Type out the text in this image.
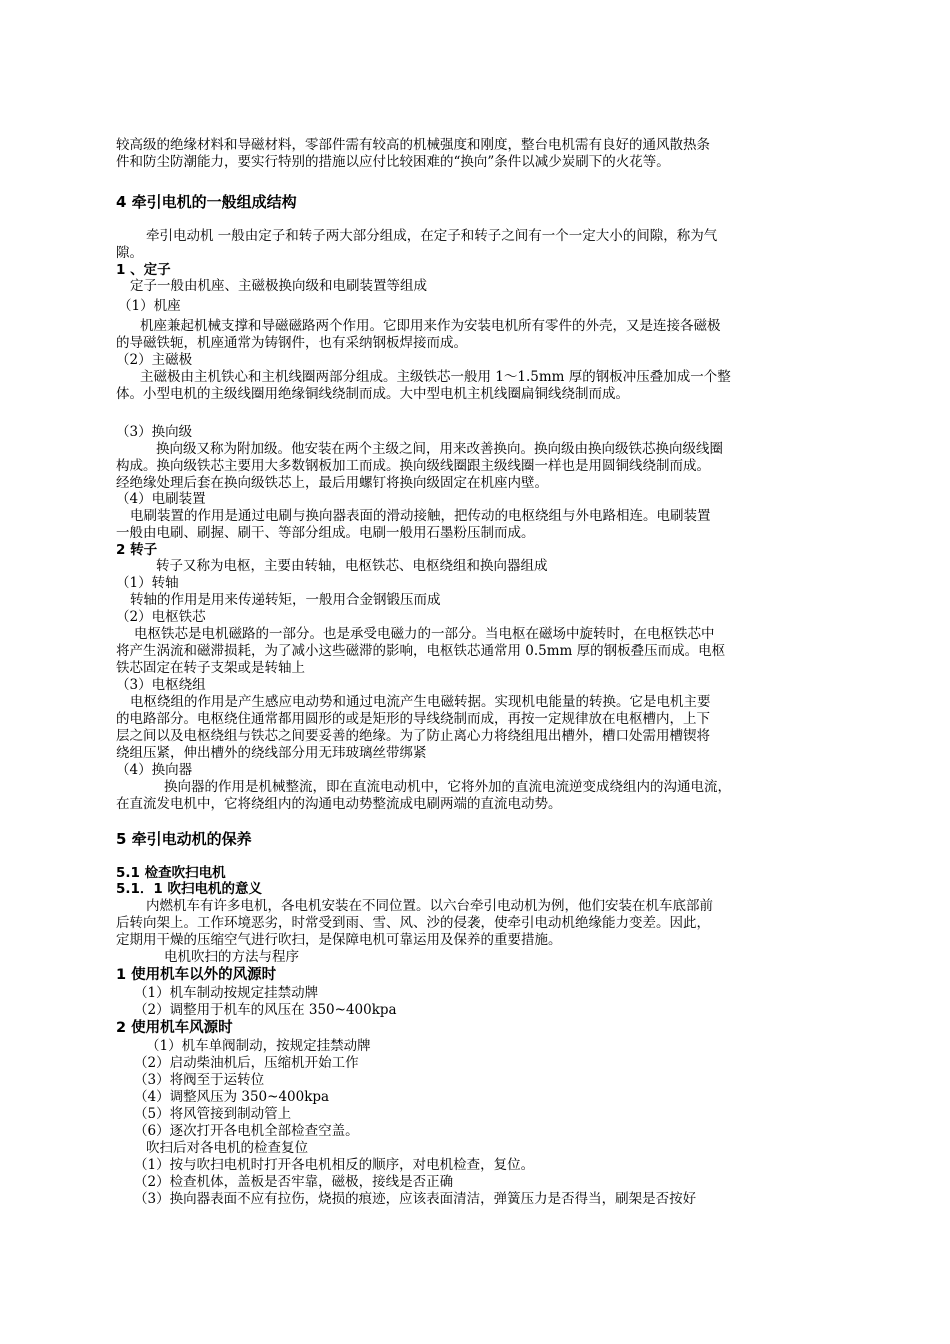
较高级的绝缘材料和导磁材料，零部件需有较高的机械强度和刚度，整台电机需有良好的通风散热条
件和防尘防潮能力，要实行特别的措施以应付比较困难的“换向”条件以减少炭刷下的火花等。
4 牵引电机的一般组成结构
牵引电动机 一般由定子和转子两大部分组成，在定子和转子之间有一个一定大小的间隙，称为气
隙。
1 、定子
定子一般由机座、主磁极换向级和电刷装置等组成
（1）机座
机座兼起机械支撑和导磁磁路两个作用。它即用来作为安装电机所有零件的外壳，又是连接各磁极
的导磁铁轭，机座通常为铸钢件，也有采纳钢板焊接而成。
（2）主磁极
主磁极由主机铁心和主机线圈两部分组成。主级铁芯一般用 1～1.5mm 厚的钢板冲压叠加成一个整
体。小型电机的主级线圈用绝缘铜线绕制而成。大中型电机主机线圈扁铜线绕制而成。
（3）换向级
换向级又称为附加级。他安装在两个主级之间，用来改善换向。换向级由换向级铁芯换向级线圈
构成。换向级铁芯主要用大多数钢板加工而成。换向级线圈跟主级线圈一样也是用圆铜线绕制而成。
经绝缘处理后套在换向级铁芯上，最后用螺钉将换向级固定在机座内壁。
（4）电刷装置
电刷装置的作用是通过电刷与换向器表面的滑动接触，把传动的电枢绕组与外电路相连。电刷装置
一般由电刷、刷握、刷干、等部分组成。电刷一般用石墨粉压制而成。
2 转子
转子又称为电枢，主要由转轴，电枢铁芯、电枢绕组和换向器组成
（1）转轴
转轴的作用是用来传递转矩，一般用合金钢锻压而成
（2）电枢铁芯
电枢铁芯是电机磁路的一部分。也是承受电磁力的一部分。当电枢在磁场中旋转时，在电枢铁芯中
将产生涡流和磁滞损耗，为了减小这些磁滞的影响，电枢铁芯通常用 0.5mm 厚的钢板叠压而成。电枢
铁芯固定在转子支架或是转轴上
（3）电枢绕组
电枢绕组的作用是产生感应电动势和通过电流产生电磁转据。实现机电能量的转换。它是电机主要
的电路部分。电枢绕住通常都用圆形的或是矩形的导线绕制而成，再按一定规律放在电枢槽内，上下
层之间以及电枢绕组与铁芯之间要妥善的绝缘。为了防止离心力将绕组甩出槽外，槽口处需用槽锲将
绕组压紧，伸出槽外的绕线部分用无玮玻璃丝带绑紧
（4）换向器
换向器的作用是机械整流，即在直流电动机中，它将外加的直流电流逆变成绕组内的沟通电流，
在直流发电机中，它将绕组内的沟通电动势整流成电刷两端的直流电动势。
5 牵引电动机的保养
5.1 检查吹扫电机
5.1．1 吹扫电机的意义
内燃机车有许多电机，各电机安装在不同位置。以六台牵引电动机为例，他们安装在机车底部前
后转向架上。工作环境恶劣，时常受到雨、雪、风、沙的侵袭，使牵引电动机绝缘能力变差。因此，
定期用干燥的压缩空气进行吹扫，是保障电机可靠运用及保养的重要措施。
电机吹扫的方法与程序
1 使用机车以外的风源时
（1）机车制动按规定挂禁动牌
（2）调整用于机车的风压在 350~400kpa
2 使用机车风源时
（1）机车单阀制动，按规定挂禁动牌
（2）启动柴油机后，压缩机开始工作
（3）将阀至于运转位
（4）调整风压为 350~400kpa
（5）将风管接到制动管上
（6）逐次打开各电机全部检查空盖。
吹扫后对各电机的检查复位
（1）按与吹扫电机时打开各电机相反的顺序，对电机检查，复位。
（2）检查机体，盖板是否牢靠，磁极，接线是否正确
（3）换向器表面不应有拉伤，烧损的痕迹，应该表面清洁，弹簧压力是否得当，刷架是否按好
